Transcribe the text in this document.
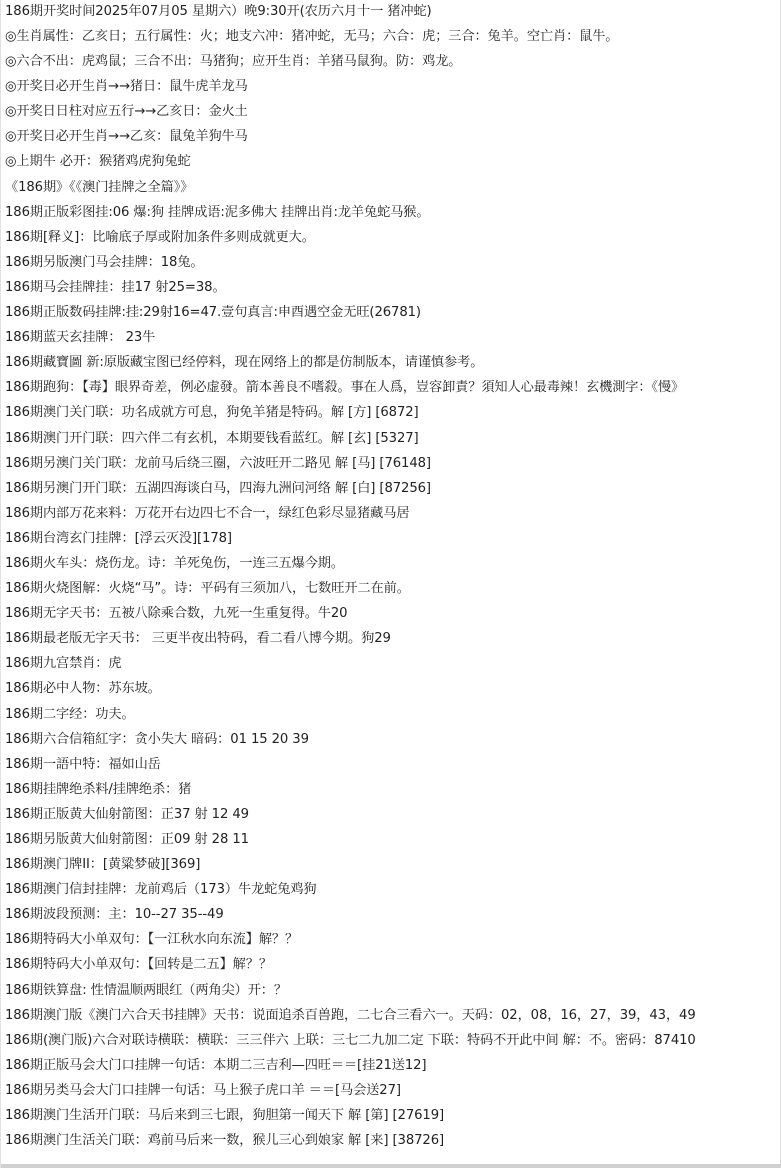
186期开奖时间2025年07月05 星期六）晚9:30开(农历六月十一 猪冲蛇)
◎生肖属性：乙亥日；五行属性：火；地支六冲：猪冲蛇，无马；六合：虎；三合：兔羊。空亡肖：鼠牛。
◎六合不出：虎鸡鼠；三合不出：马猪狗；应开生肖：羊猪马鼠狗。防：鸡龙。
◎开奖日必开生肖→→猪日：鼠牛虎羊龙马
◎开奖日日柱对应五行→→乙亥日：金火土
◎开奖日必开生肖→→乙亥：鼠兔羊狗牛马
◎上期牛 必开：猴猪鸡虎狗兔蛇
《186期》《《澳门挂牌之全篇》》
186期正版彩图挂:06 爆:狗 挂牌成语:泥多佛大 挂牌出肖:龙羊兔蛇马猴。
186期[释义]：比喻底子厚或附加条件多则成就更大。
186期另版澳门马会挂牌：18兔。
186期马会挂牌挂：挂17 射25=38。
186期正版数码挂牌:挂:29射16=47.壹句真言:申酉遇空金无旺(26781)
186期蓝天玄挂牌： 23牛
186期藏寶圖 新:原版藏宝图已经停料，现在网络上的都是仿制版本，请谨慎参考。
186期跑狗：【毒】眼界奇差，例必虚發。箭本善良不嗜殺。事在人爲，豈容卸責？須知人心最毒辣！玄機測字：《慢》
186期澳门关门联：功名成就方可息，狗免羊猪是特码。解 [方] [6872]
186期澳门开门联：四六伴二有玄机，本期要钱看蓝红。解 [玄] [5327]
186期另澳门关门联：龙前马后绕三圈，六波旺开二路见 解 [马] [76148]
186期另澳门开门联：五湖四海谈白马，四海九洲问河络 解 [白] [87256]
186期内部万花来料：万花开右边四七不合一，绿红色彩尽显猪藏马居
186期台湾玄门挂牌：[浮云灭没][178]
186期火车头：烧伤龙。诗：羊死兔伤，一连三五爆今期。
186期火烧图解：火烧“马”。诗：平码有三须加八，七数旺开二在前。
186期无字天书：五被八除乘合数，九死一生重复得。牛20
186期最老版无字天书： 三更半夜出特码，看二看八博今期。狗29
186期九宫禁肖：虎
186期必中人物：苏东坡。
186期二字经：功夫。
186期六合信箱紅字：贪小失大 暗码：01 15 20 39
186期一語中特：福如山岳
186期挂牌绝杀料/挂牌绝杀：猪
186期正版黄大仙射箭图：正37 射 12 49
186期另版黄大仙射箭图：正09 射 28 11
186期澳门牌II：[黄粱梦破][369]
186期澳门信封挂牌：龙前鸡后（173）牛龙蛇兔鸡狗
186期波段预测：主：10--27 35--49
186期特码大小单双句：【一江秋水向东流】解？？
186期特码大小单双句：【回转是二五】解？？
186期铁算盘: 性情温顺两眼红（两角尖）开：？
186期澳门版《澳门六合天书挂牌》天书：说面追杀百兽跑，二七合三看六一。天码：02，08，16，27，39，43，49
186期(澳门版)六合对联诗横联：横联：三三伴六 上联：三七二九加二定 下联：特码不开此中间 解：不。密码：87410
186期正版马会大门口挂牌一句话：本期二三吉利—四旺＝＝[挂21送12]
186期另类马会大门口挂牌一句话：马上猴子虎口羊 ＝＝[马会送27]
186期澳门生活开门联：马后来到三七跟，狗胆第一闻天下 解 [第] [27619]
186期澳门生活关门联：鸡前马后来一数，猴儿三心到娘家 解 [来] [38726]
